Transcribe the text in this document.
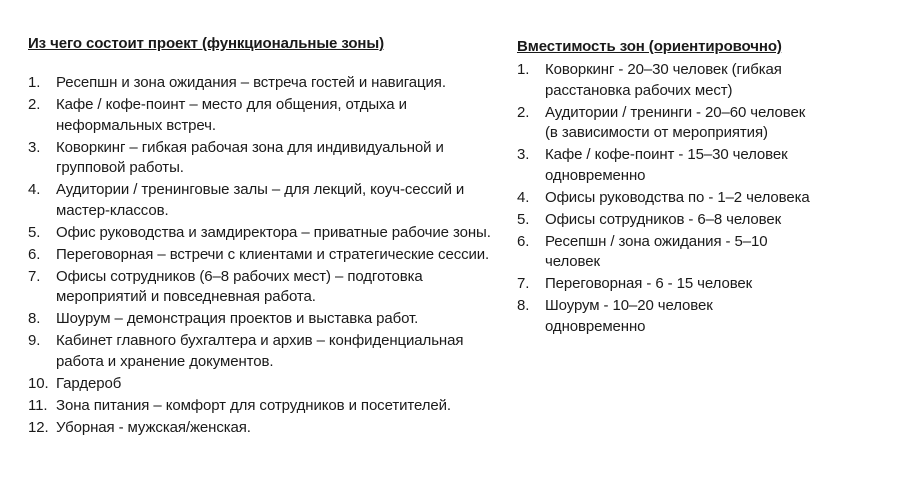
Из чего состоит проект (функциональные зоны)
1. Ресепшн и зона ожидания – встреча гостей и навигация.
2. Кафе / кофе-поинт – место для общения, отдыха и неформальных встреч.
3. Коворкинг – гибкая рабочая зона для индивидуальной и групповой работы.
4. Аудитории / тренинговые залы – для лекций, коуч-сессий и мастер-классов.
5. Офис руководства и замдиректора – приватные рабочие зоны.
6. Переговорная – встречи с клиентами и стратегические сессии.
7. Офисы сотрудников (6–8 рабочих мест) – подготовка мероприятий и повседневная работа.
8. Шоурум – демонстрация проектов и выставка работ.
9. Кабинет главного бухгалтера и архив – конфиденциальная работа и хранение документов.
10. Гардероб
11. Зона питания – комфорт для сотрудников и посетителей.
12. Уборная - мужская/женская.
Вместимость зон (ориентировочно)
1. Коворкинг - 20–30 человек (гибкая расстановка рабочих мест)
2. Аудитории / тренинги - 20–60 человек (в зависимости от мероприятия)
3. Кафе / кофе-поинт - 15–30 человек одновременно
4. Офисы руководства по - 1–2 человека
5. Офисы сотрудников - 6–8 человек
6. Ресепшн / зона ожидания - 5–10 человек
7. Переговорная - 6 - 15 человек
8. Шоурум - 10–20 человек одновременно
